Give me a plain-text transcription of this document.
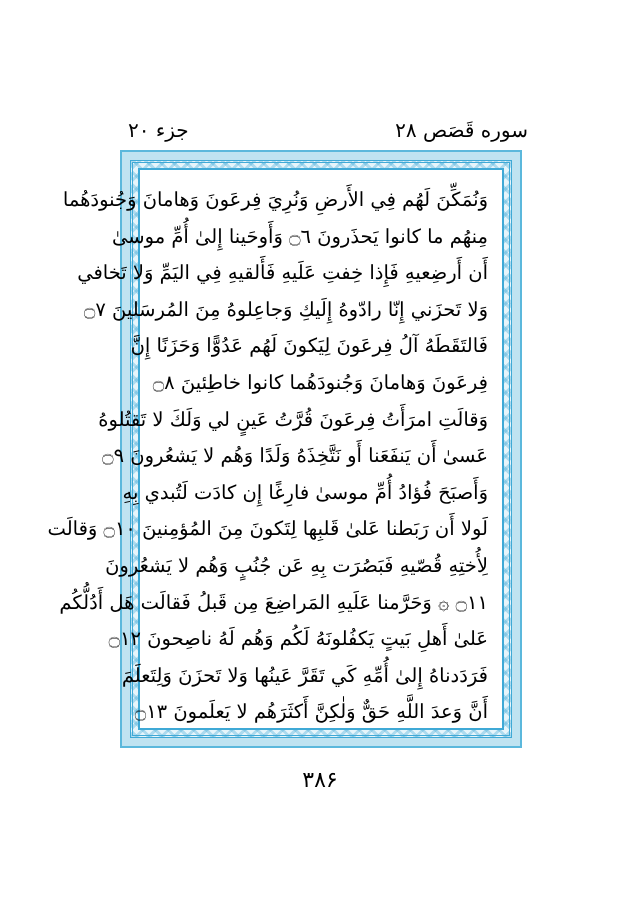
سوره قَصَص ۲۸
جزء ۲۰
وَنُمَكِّنَ لَهُم فِي الأَرضِ وَنُرِيَ فِرعَونَ وَهامانَ وَجُنودَهُما
مِنهُم ما كانوا يَحذَرونَ ۝٦ وَأَوحَينا إِلىٰ أُمِّ موسىٰ
أَن أَرضِعيهِ فَإِذا خِفتِ عَلَيهِ فَأَلقيهِ فِي اليَمِّ وَلا تَخافي
وَلا تَحزَني إِنّا رادّوهُ إِلَيكِ وَجاعِلوهُ مِنَ المُرسَلينَ ۝٧
فَالتَقَطَهُ آلُ فِرعَونَ لِيَكونَ لَهُم عَدُوًّا وَحَزَنًا إِنَّ
فِرعَونَ وَهامانَ وَجُنودَهُما كانوا خاطِئينَ ۝٨
وَقالَتِ امرَأَتُ فِرعَونَ قُرَّتُ عَينٍ لي وَلَكَ لا تَقتُلوهُ
عَسىٰ أَن يَنفَعَنا أَو نَتَّخِذَهُ وَلَدًا وَهُم لا يَشعُرونَ ۝٩
وَأَصبَحَ فُؤادُ أُمِّ موسىٰ فارِغًا إِن كادَت لَتُبدي بِهِ
لَولا أَن رَبَطنا عَلىٰ قَلبِها لِتَكونَ مِنَ المُؤمِنينَ ۝١٠ وَقالَت
لِأُختِهِ قُصّيهِ فَبَصُرَت بِهِ عَن جُنُبٍ وَهُم لا يَشعُرونَ
۝١١ ۞ وَحَرَّمنا عَلَيهِ المَراضِعَ مِن قَبلُ فَقالَت هَل أَدُلُّكُم
عَلىٰ أَهلِ بَيتٍ يَكفُلونَهُ لَكُم وَهُم لَهُ ناصِحونَ ۝١٢
فَرَدَدناهُ إِلىٰ أُمِّهِ كَي تَقَرَّ عَينُها وَلا تَحزَنَ وَلِتَعلَمَ
أَنَّ وَعدَ اللَّهِ حَقٌّ وَلٰكِنَّ أَكثَرَهُم لا يَعلَمونَ ۝١٣
۳۸۶
